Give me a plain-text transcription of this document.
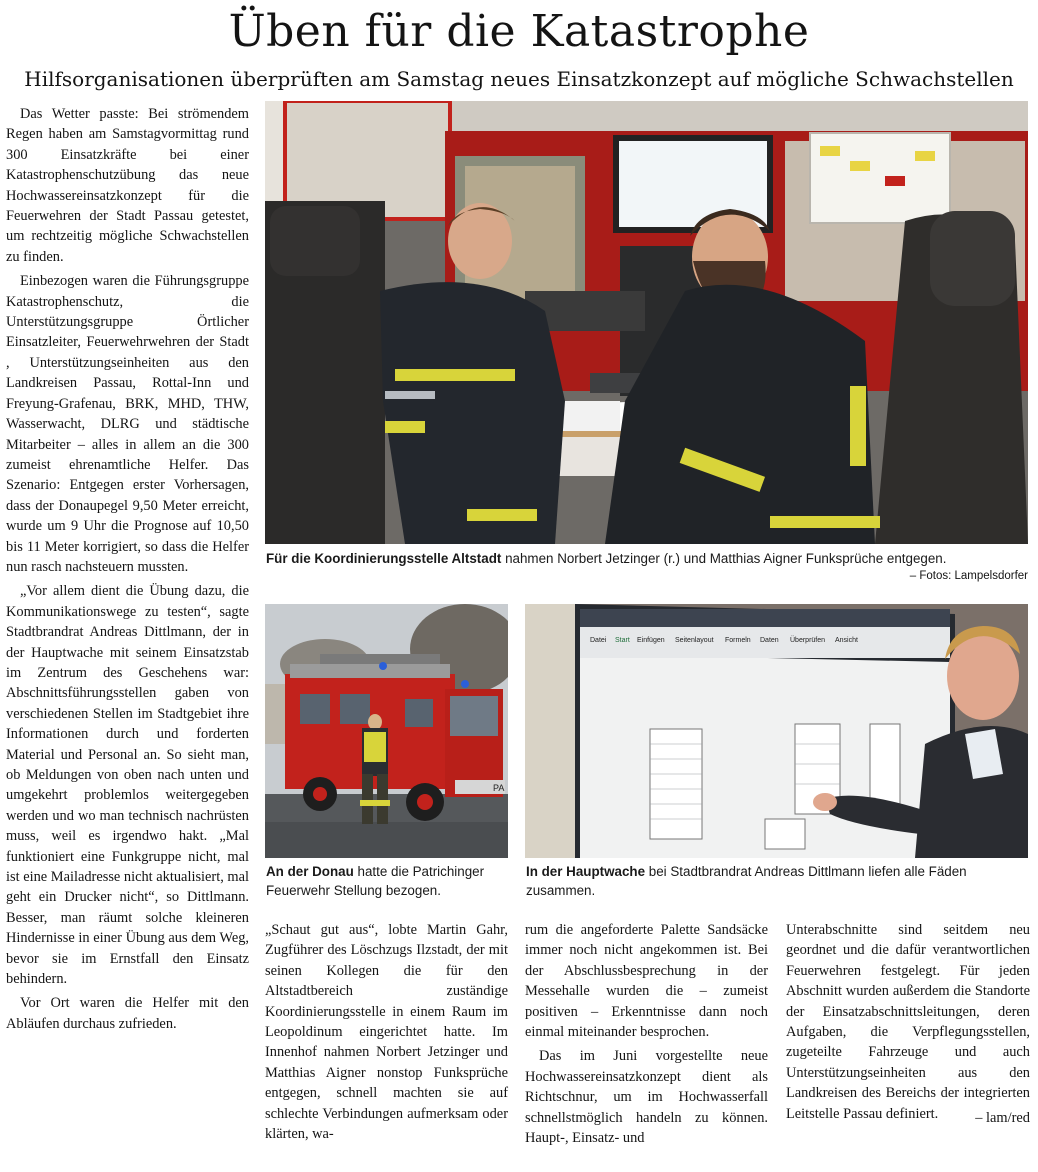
Üben für die Katastrophe
Hilfsorganisationen überprüften am Samstag neues Einsatzkonzept auf mögliche Schwachstellen

Das Wetter passte: Bei strömendem Regen haben am Samstagvormittag rund 300 Einsatzkräfte bei einer Katastrophenschutzübung das neue Hochwassereinsatzkonzept für die Feuerwehren der Stadt Passau getestet, um rechtzeitig mögliche Schwachstellen zu finden.

Einbezogen waren die Führungsgruppe Katastrophenschutz, die Unterstützungsgruppe Örtlicher Einsatzleiter, Feuerwehrwehren der Stadt , Unterstützungseinheiten aus den Landkreisen Passau, Rottal-Inn und Freyung-Grafenau, BRK, MHD, THW, Wasserwacht, DLRG und städtische Mitarbeiter – alles in allem an die 300 zumeist ehrenamtliche Helfer. Das Szenario: Entgegen erster Vorhersagen, dass der Donaupegel 9,50 Meter erreicht, wurde um 9 Uhr die Prognose auf 10,50 bis 11 Meter korrigiert, so dass die Helfer nun rasch nachsteuern mussten.

„Vor allem dient die Übung dazu, die Kommunikationswege zu testen“, sagte Stadtbrandrat Andreas Dittlmann, der in der Hauptwache mit seinem Einsatzstab im Zentrum des Geschehens war: Abschnittsführungsstellen gaben von verschiedenen Stellen im Stadtgebiet ihre Informationen durch und forderten Material und Personal an. So sieht man, ob Meldungen von oben nach unten und umgekehrt problemlos weitergegeben werden und wo man technisch nachrüsten muss, weil es irgendwo hakt. „Mal funktioniert eine Funkgruppe nicht, mal ist eine Mailadresse nicht aktualisiert, mal geht ein Drucker nicht“, so Dittlmann. Besser, man räumt solche kleineren Hindernisse in einer Übung aus dem Weg, bevor sie im Ernstfall den Einsatz behindern.

Vor Ort waren die Helfer mit den Abläufen durchaus zufrieden.

Für die Koordinierungsstelle Altstadt nahmen Norbert Jetzinger (r.) und Matthias Aigner Funksprüche entgegen.

– Fotos: Lampelsdorfer
PA

An der Donau hatte die Patrichinger Feuerwehr Stellung bezogen.

Datei Start Einfügen Seitenlayout Formeln Daten Überprüfen Ansicht

In der Hauptwache bei Stadtbrandrat Andreas Dittlmann liefen alle Fäden zusammen.

„Schaut gut aus“, lobte Martin Gahr, Zugführer des Löschzugs Ilzstadt, der mit seinen Kollegen die für den Altstadtbereich zuständige Koordinierungsstelle in einem Raum im Leopoldinum eingerichtet hatte. Im Innenhof nahmen Norbert Jetzinger und Matthias Aigner nonstop Funksprüche entgegen, schnell machten sie auf schlechte Verbindungen aufmerksam oder klärten, wa-

rum die angeforderte Palette Sandsäcke immer noch nicht angekommen ist. Bei der Abschlussbesprechung in der Messehalle wurden die – zumeist positiven – Erkenntnisse dann noch einmal miteinander besprochen.

Das im Juni vorgestellte neue Hochwassereinsatzkonzept dient als Richtschnur, um im Hochwasserfall schnellstmöglich handeln zu können. Haupt-, Einsatz- und

Unterabschnitte sind seitdem neu geordnet und die dafür verantwortlichen Feuerwehren festgelegt. Für jeden Abschnitt wurden außerdem die Standorte der Einsatzabschnittsleitungen, deren Aufgaben, die Verpflegungsstellen, zugeteilte Fahrzeuge und auch Unterstützungseinheiten aus den Landkreisen des Bereichs der integrierten Leitstelle Passau definiert.	– lam/red
